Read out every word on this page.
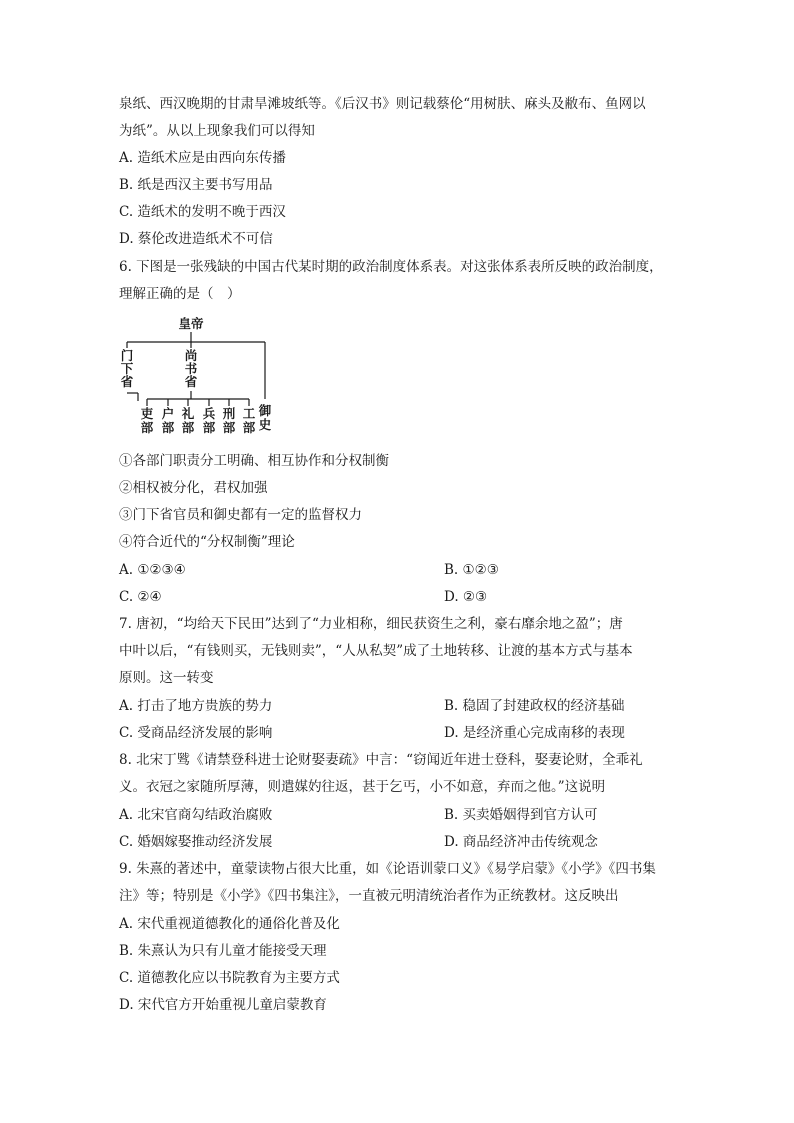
泉纸、西汉晚期的甘肃旱滩坡纸等。《后汉书》则记载蔡伦“用树肤、麻头及敝布、鱼网以
为纸”。从以上现象我们可以得知
A. 造纸术应是由西向东传播
B. 纸是西汉主要书写用品
C. 造纸术的发明不晚于西汉
D. 蔡伦改进造纸术不可信
6. 下图是一张残缺的中国古代某时期的政治制度体系表。对这张体系表所反映的政治制度，
理解正确的是（　）
皇帝
门
下
省
尚
书
省
吏
部
户
部
礼
部
兵
部
刑
部
工
部
御
史
①各部门职责分工明确、相互协作和分权制衡
②相权被分化，君权加强
③门下省官员和御史都有一定的监督权力
④符合近代的“分权制衡”理论
A. ①②③④	B. ①②③
C. ②④	D. ②③
7. 唐初，“均给天下民田”达到了“力业相称，细民获资生之利，豪右靡余地之盈”；唐
中叶以后，“有钱则买，无钱则卖”，“人从私契”成了土地转移、让渡的基本方式与基本
原则。这一转变
A. 打击了地方贵族的势力	B. 稳固了封建政权的经济基础
C. 受商品经济发展的影响	D. 是经济重心完成南移的表现
8. 北宋丁骘《请禁登科进士论财娶妻疏》中言：“窃闻近年进士登科，娶妻论财，全乖礼
义。衣冠之家随所厚薄，则遣媒妁往返，甚于乞丐，小不如意，弃而之他。”这说明
A. 北宋官商勾结政治腐败	B. 买卖婚姻得到官方认可
C. 婚姻嫁娶推动经济发展	D. 商品经济冲击传统观念
9. 朱熹的著述中，童蒙读物占很大比重，如《论语训蒙口义》《易学启蒙》《小学》《四书集
注》等；特别是《小学》《四书集注》，一直被元明清统治者作为正统教材。这反映出
A. 宋代重视道德教化的通俗化普及化
B. 朱熹认为只有儿童才能接受天理
C. 道德教化应以书院教育为主要方式
D. 宋代官方开始重视儿童启蒙教育
